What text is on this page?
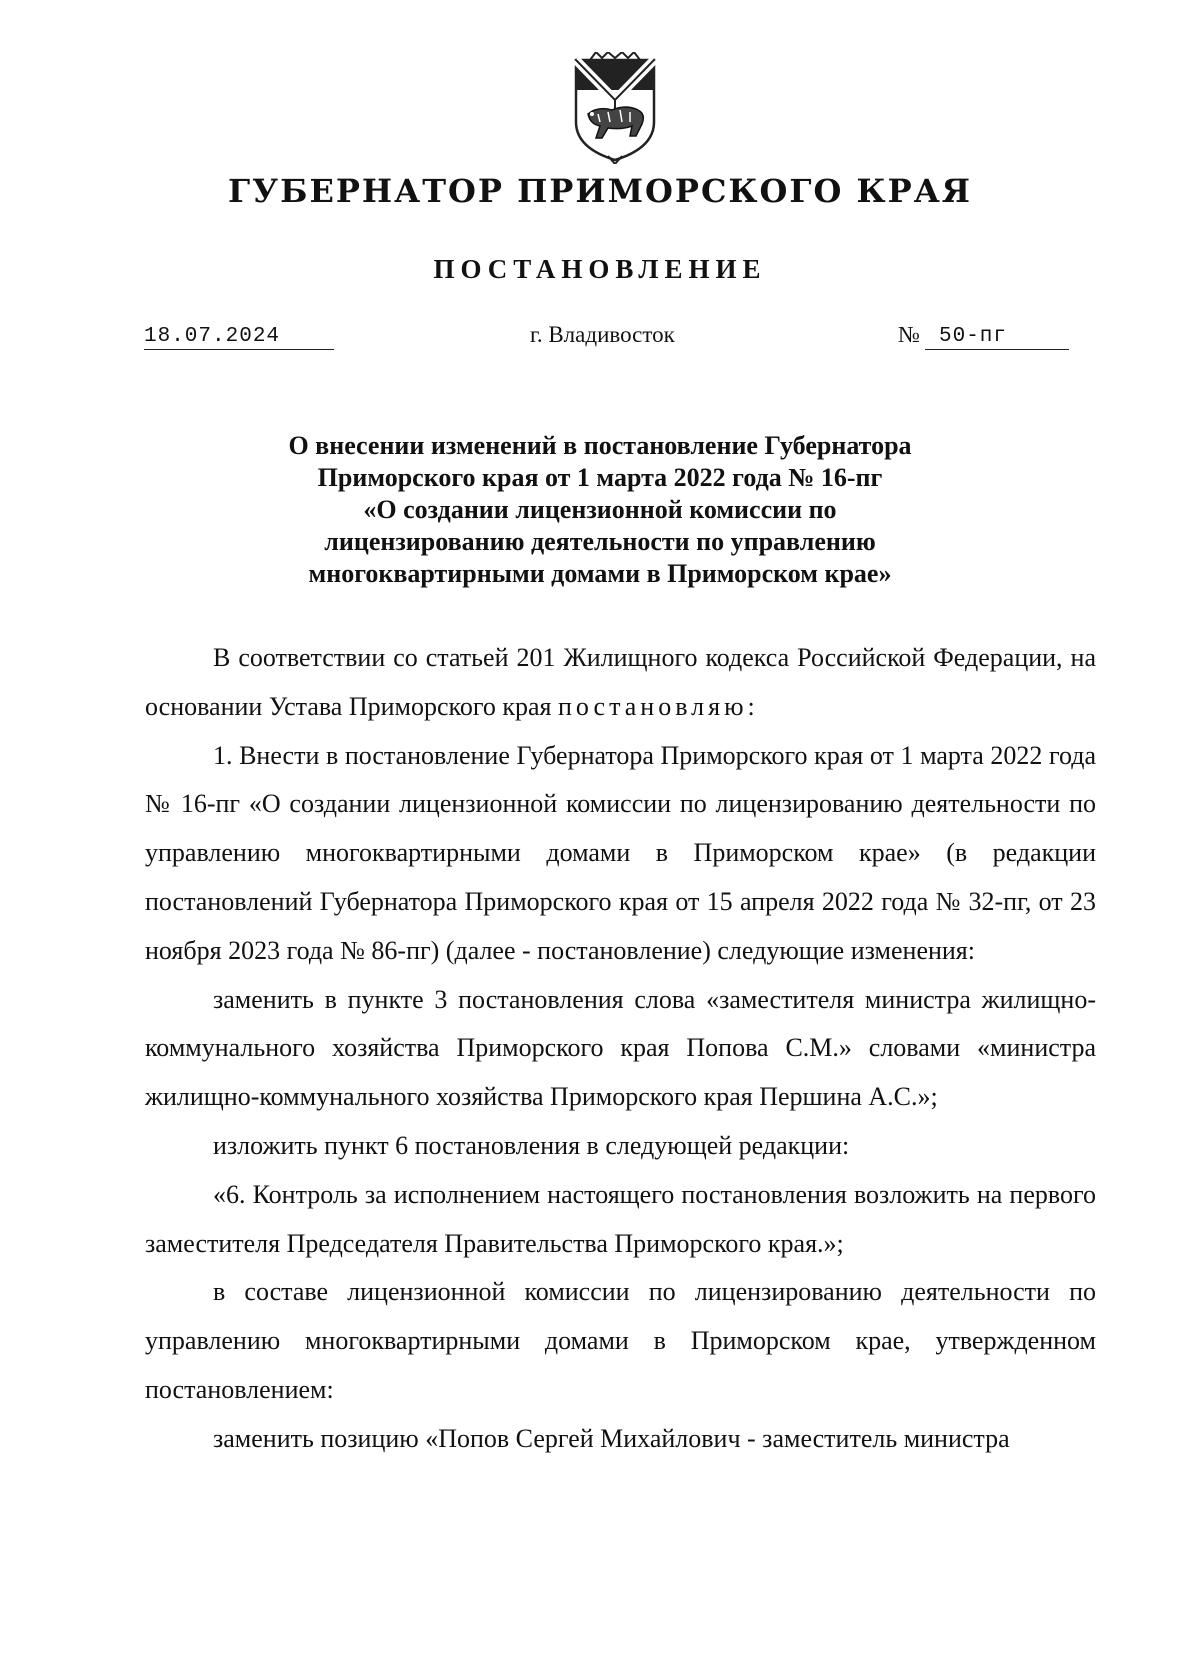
ГУБЕРНАТОР ПРИМОРСКОГО КРАЯ
ПОСТАНОВЛЕНИЕ
18.07.2024	г. Владивосток	№ 50-пг
О внесении изменений в постановление Губернатора
Приморского края от 1 марта 2022 года № 16-пг
«О создании лицензионной комиссии по
лицензированию деятельности по управлению
многоквартирными домами в Приморском крае»

В соответствии со статьей 201 Жилищного кодекса Российской Федерации, на основании Устава Приморского края постановляю:

1. Внести в постановление Губернатора Приморского края от 1 марта 2022 года № 16-пг «О создании лицензионной комиссии по лицензированию деятельности по управлению многоквартирными домами в Приморском крае» (в редакции постановлений Губернатора Приморского края от 15 апреля 2022 года № 32-пг, от 23 ноября 2023 года № 86-пг) (далее - постановление) следующие изменения:

заменить в пункте 3 постановления слова «заместителя министра жилищно-коммунального хозяйства Приморского края Попова С.М.» словами «министра жилищно-коммунального хозяйства Приморского края Першина А.С.»;

изложить пункт 6 постановления в следующей редакции:

«6. Контроль за исполнением настоящего постановления возложить на первого заместителя Председателя Правительства Приморского края.»;

в составе лицензионной комиссии по лицензированию деятельности по управлению многоквартирными домами в Приморском крае, утвержденном постановлением:

заменить позицию «Попов Сергей Михайлович - заместитель министра
